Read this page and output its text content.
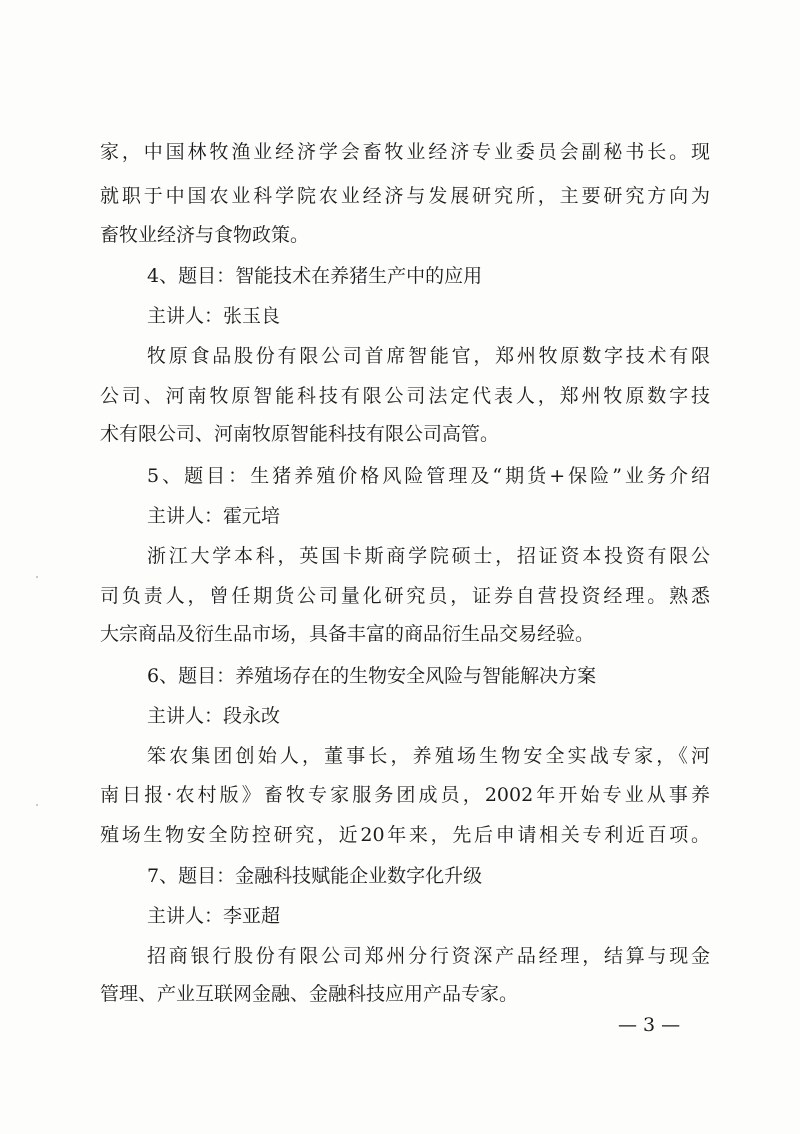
家，中国林牧渔业经济学会畜牧业经济专业委员会副秘书长。现
就职于中国农业科学院农业经济与发展研究所，主要研究方向为
畜牧业经济与食物政策。
4、题目：智能技术在养猪生产中的应用
主讲人：张玉良
牧原食品股份有限公司首席智能官，郑州牧原数字技术有限
公司、河南牧原智能科技有限公司法定代表人，郑州牧原数字技
术有限公司、河南牧原智能科技有限公司高管。
5、题目：生猪养殖价格风险管理及“期货+保险”业务介绍
主讲人：霍元培
浙江大学本科，英国卡斯商学院硕士，招证资本投资有限公
司负责人，曾任期货公司量化研究员，证券自营投资经理。熟悉
大宗商品及衍生品市场，具备丰富的商品衍生品交易经验。
6、题目：养殖场存在的生物安全风险与智能解决方案
主讲人：段永改
笨农集团创始人，董事长，养殖场生物安全实战专家，《河
南日报·农村版》畜牧专家服务团成员，2002年开始专业从事养
殖场生物安全防控研究，近20年来，先后申请相关专利近百项。
7、题目：金融科技赋能企业数字化升级
主讲人：李亚超
招商银行股份有限公司郑州分行资深产品经理，结算与现金
管理、产业互联网金融、金融科技应用产品专家。
— 3 —
